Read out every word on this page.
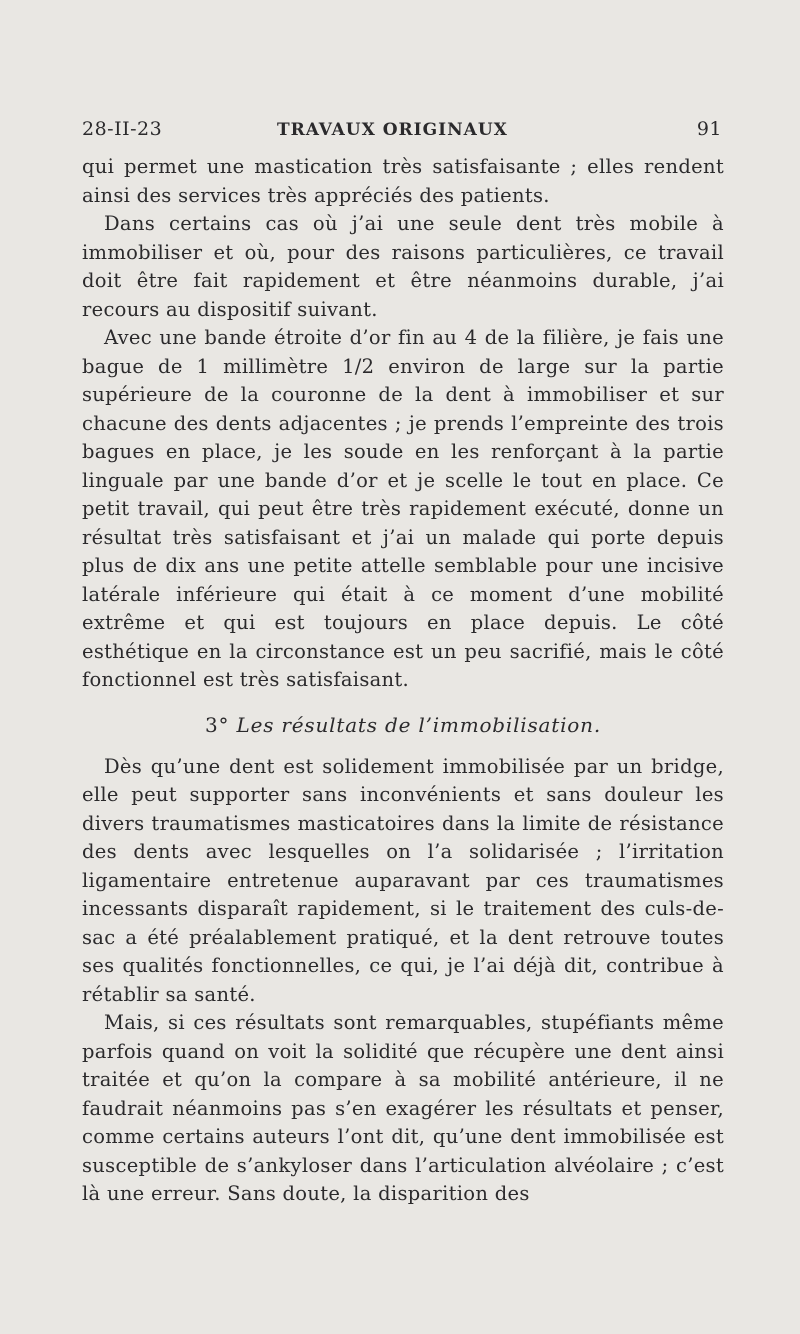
28-II-23	TRAVAUX ORIGINAUX	91

qui permet une mastication très satisfaisante ; elles rendent ainsi des services très appréciés des patients.

Dans certains cas où j’ai une seule dent très mobile à immobiliser et où, pour des raisons particulières, ce travail doit être fait rapidement et être néanmoins durable, j’ai recours au dispositif suivant.

Avec une bande étroite d’or fin au 4 de la filière, je fais une bague de 1 millimètre 1/2 environ de large sur la partie supérieure de la couronne de la dent à immobiliser et sur chacune des dents adjacentes ; je prends l’empreinte des trois bagues en place, je les soude en les renforçant à la partie linguale par une bande d’or et je scelle le tout en place. Ce petit travail, qui peut être très rapidement exécuté, donne un résultat très satisfaisant et j’ai un malade qui porte depuis plus de dix ans une petite attelle semblable pour une incisive latérale inférieure qui était à ce moment d’une mobilité extrême et qui est toujours en place depuis. Le côté esthétique en la circonstance est un peu sacrifié, mais le côté fonctionnel est très satisfaisant.

3° Les résultats de l’immobilisation.

Dès qu’une dent est solidement immobilisée par un bridge, elle peut supporter sans inconvénients et sans douleur les divers traumatismes masticatoires dans la limite de résistance des dents avec lesquelles on l’a solidarisée ; l’irritation ligamentaire entretenue auparavant par ces traumatismes incessants disparaît rapidement, si le traitement des culs-de-sac a été préalablement pratiqué, et la dent retrouve toutes ses qualités fonctionnelles, ce qui, je l’ai déjà dit, contribue à rétablir sa santé.

Mais, si ces résultats sont remarquables, stupéfiants même parfois quand on voit la solidité que récupère une dent ainsi traitée et qu’on la compare à sa mobilité antérieure, il ne faudrait néanmoins pas s’en exagérer les résultats et penser, comme certains auteurs l’ont dit, qu’une dent immobilisée est susceptible de s’ankyloser dans l’articulation alvéolaire ; c’est là une erreur. Sans doute, la disparition des
